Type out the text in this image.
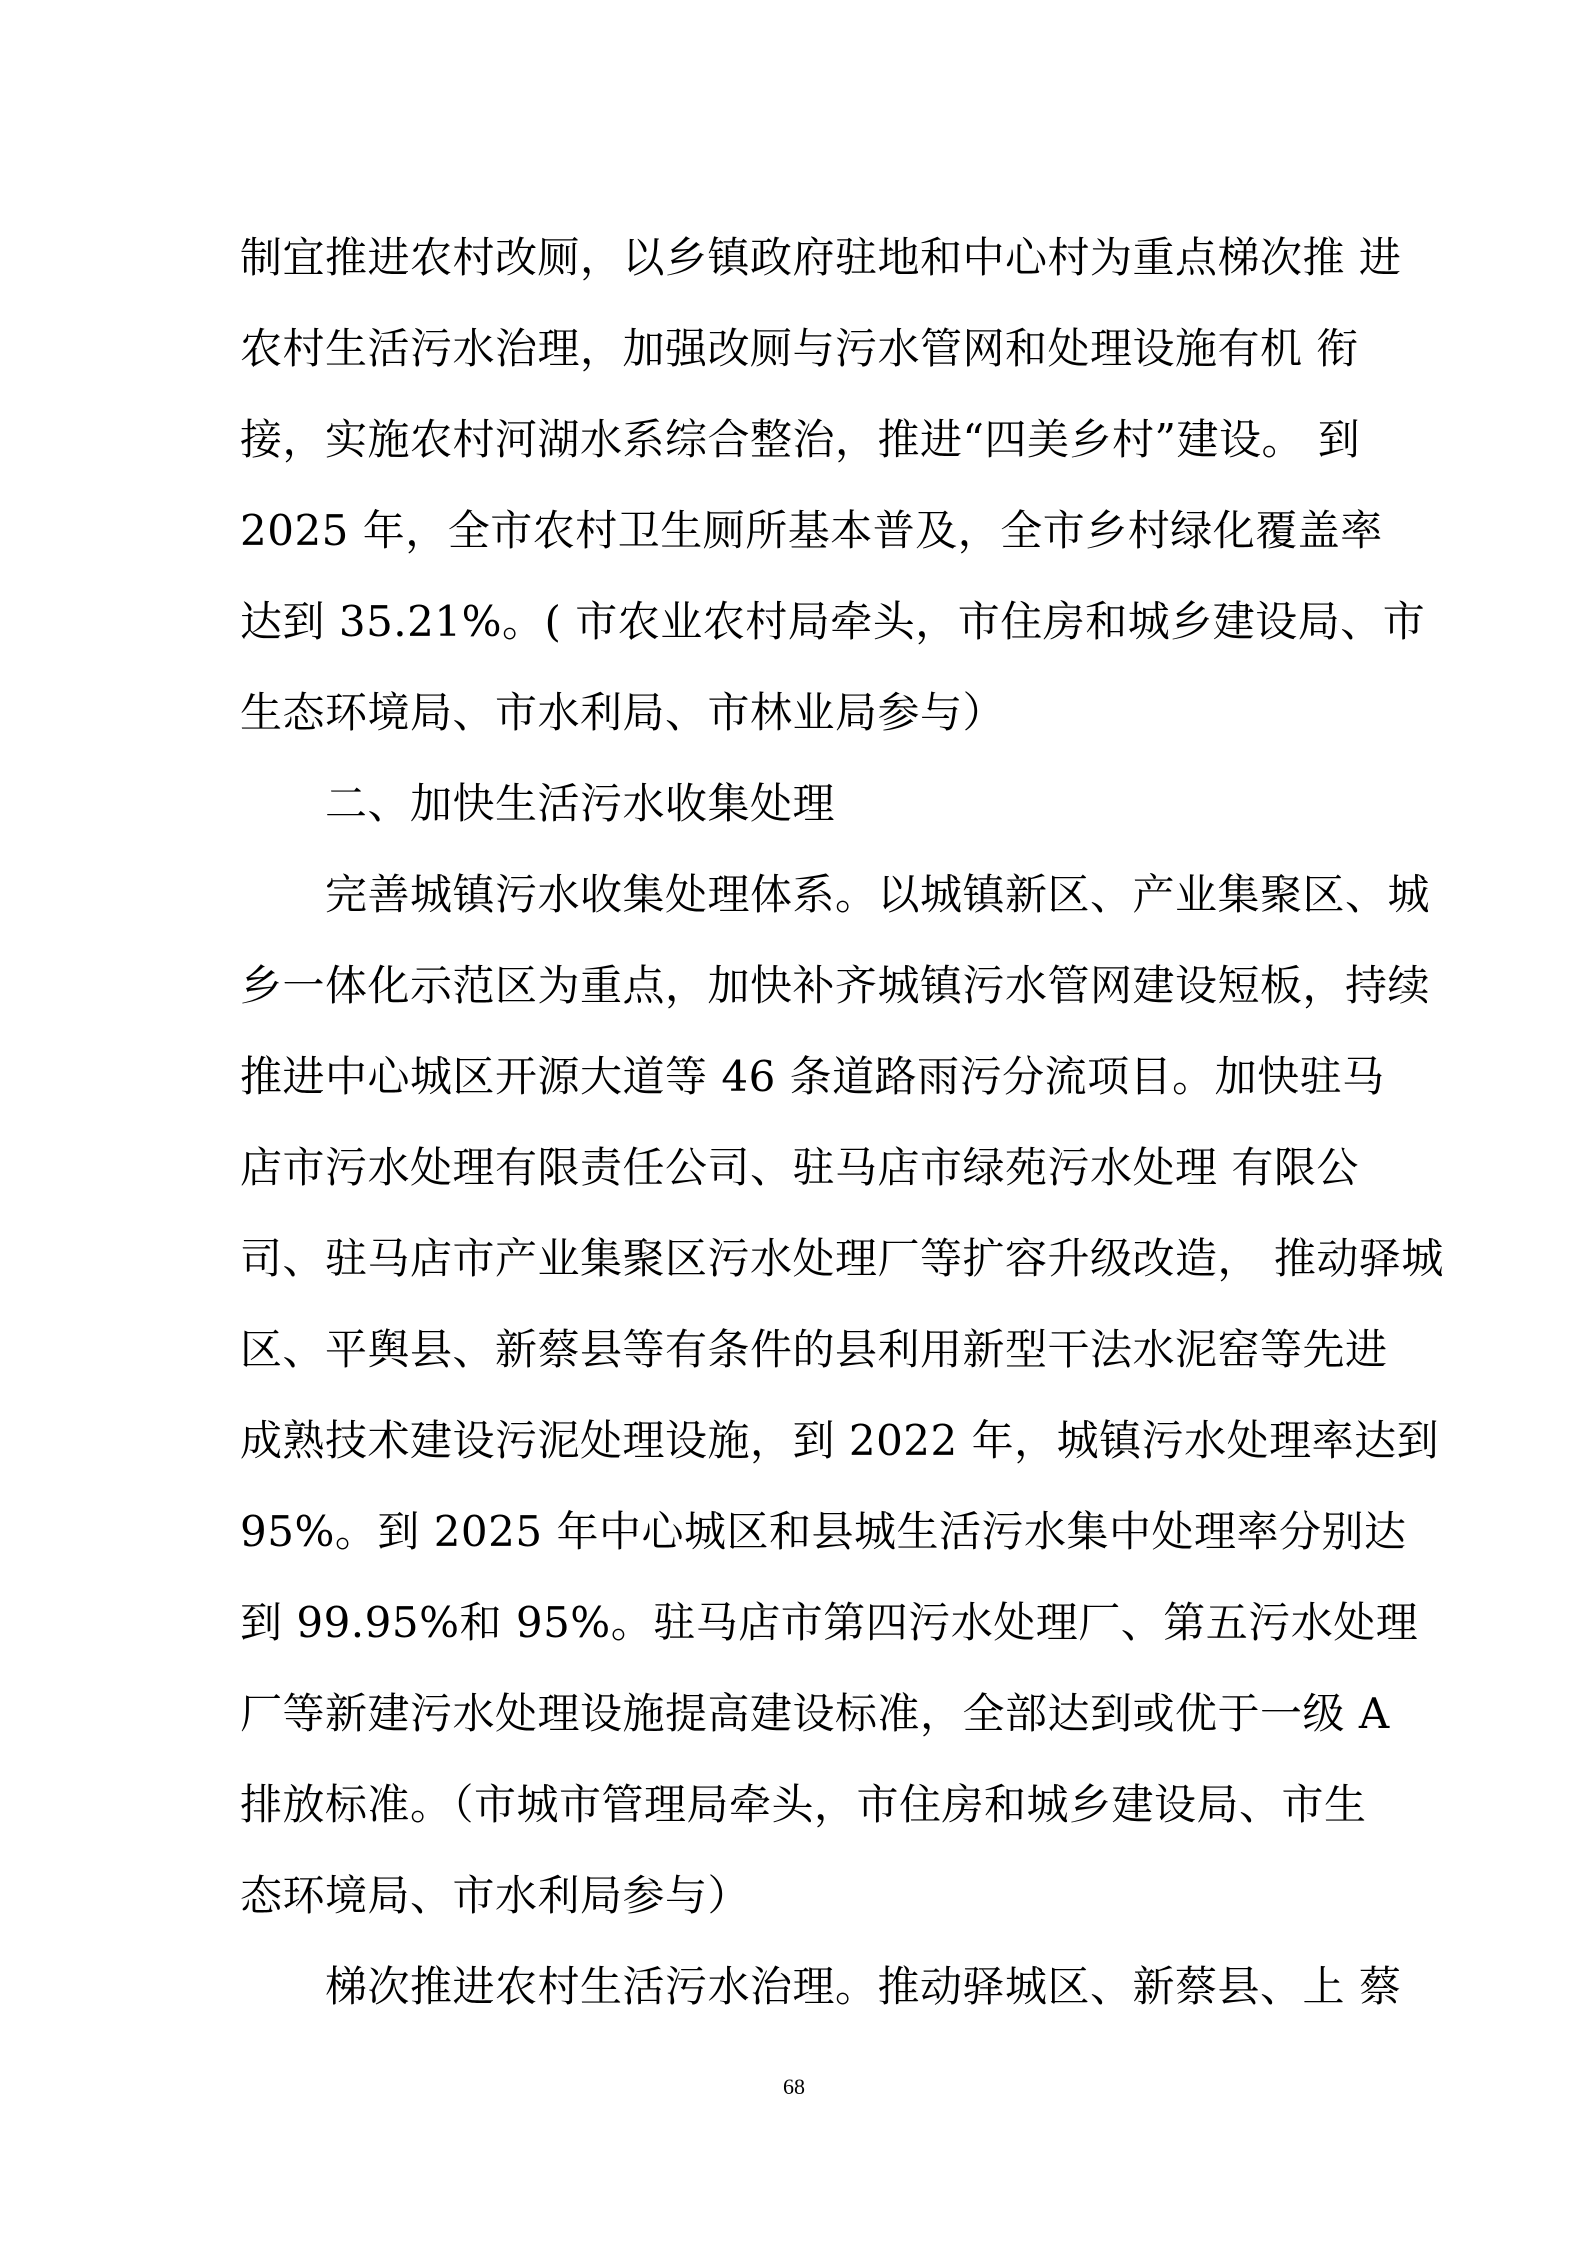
制宜推进农村改厕，以乡镇政府驻地和中心村为重点梯次推 进
农村生活污水治理，加强改厕与污水管网和处理设施有机 衔
接，实施农村河湖水系综合整治，推进“四美乡村”建设。 到
2025 年，全市农村卫生厕所基本普及，全市乡村绿化覆盖率
达到 35.21%。( 市农业农村局牵头，市住房和城乡建设局、市
生态环境局、市水利局、市林业局参与）
二、加快生活污水收集处理
完善城镇污水收集处理体系。以城镇新区、产业集聚区、城
乡一体化示范区为重点，加快补齐城镇污水管网建设短板，持续
推进中心城区开源大道等 46 条道路雨污分流项目。加快驻马
店市污水处理有限责任公司、驻马店市绿苑污水处理 有限公
司、驻马店市产业集聚区污水处理厂等扩容升级改造， 推动驿城
区、平舆县、新蔡县等有条件的县利用新型干法水泥窑等先进
成熟技术建设污泥处理设施，到 2022 年，城镇污水处理率达到
95%。到 2025 年中心城区和县城生活污水集中处理率分别达
到 99.95%和 95%。驻马店市第四污水处理厂、第五污水处理
厂等新建污水处理设施提高建设标准，全部达到或优于一级 A
排放标准。（市城市管理局牵头，市住房和城乡建设局、市生
态环境局、市水利局参与）
梯次推进农村生活污水治理。推动驿城区、新蔡县、上 蔡
68
